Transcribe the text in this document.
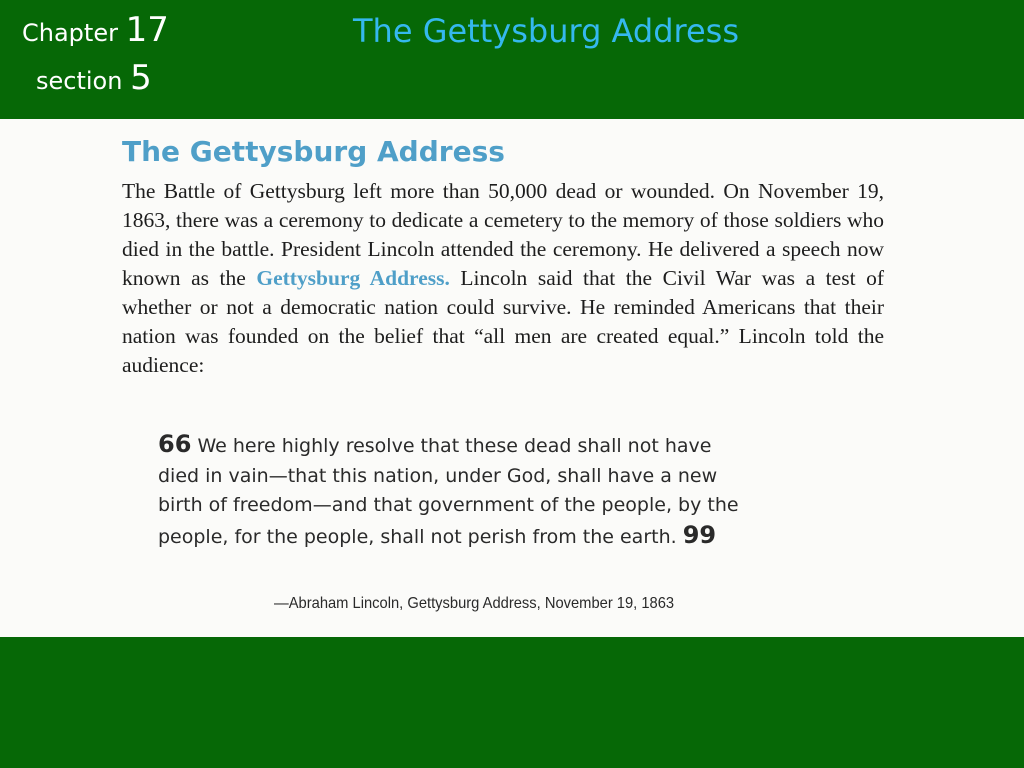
Chapter 17
section 5
The Gettysburg Address

The Gettysburg Address
The Battle of Gettysburg left more than 50,000 dead or wounded. On November 19, 1863, there was a ceremony to dedicate a cemetery to the memory of those soldiers who died in the battle. President Lincoln attended the ceremony. He delivered a speech now known as the Gettysburg Address. Lincoln said that the Civil War was a test of whether or not a democratic nation could survive. He reminded Americans that their nation was founded on the belief that “all men are created equal.” Lincoln told the audience:
66 We here highly resolve that these dead shall not have died in vain—that this nation, under God, shall have a new birth of freedom—and that government of the people, by the people, for the people, shall not perish from the earth. 99
—Abraham Lincoln, Gettysburg Address, November 19, 1863
